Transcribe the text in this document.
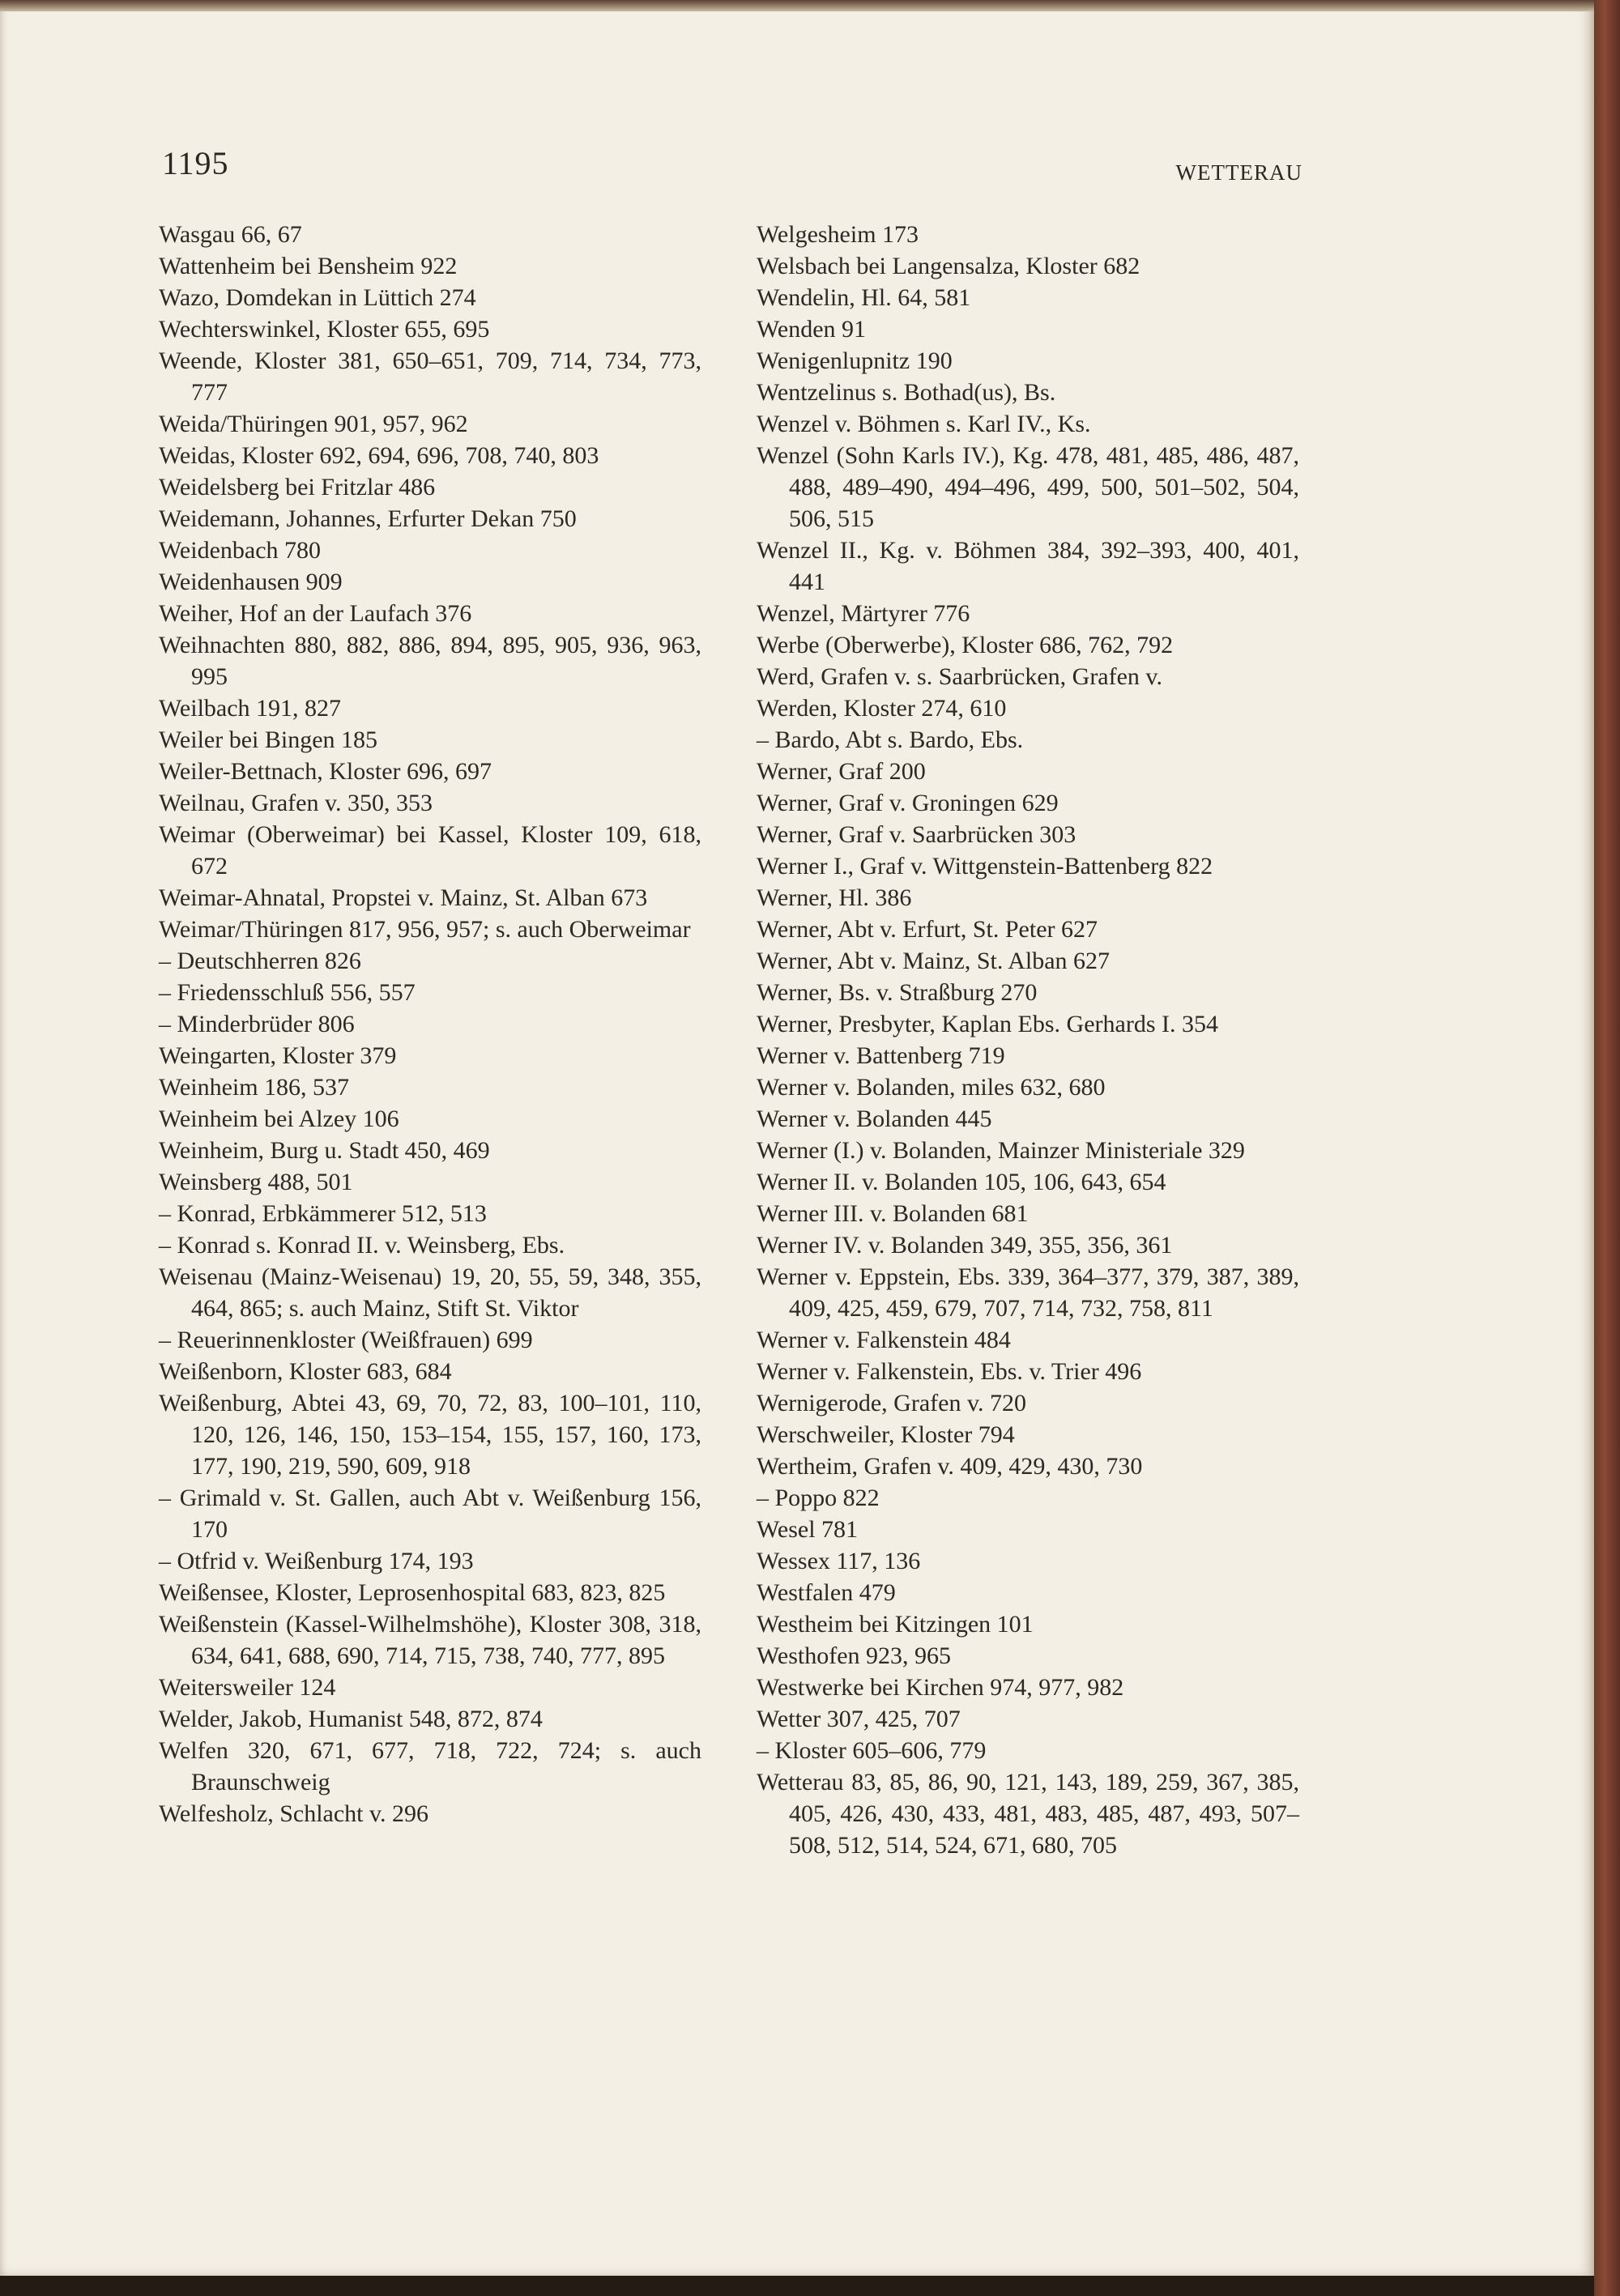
1195	WETTERAU
Wasgau 66, 67
Wattenheim bei Bensheim 922
Wazo, Domdekan in Lüttich 274
Wechterswinkel, Kloster 655, 695
Weende, Kloster 381, 650–651, 709, 714, 734, 773, 777
Weida/Thüringen 901, 957, 962
Weidas, Kloster 692, 694, 696, 708, 740, 803
Weidelsberg bei Fritzlar 486
Weidemann, Johannes, Erfurter Dekan 750
Weidenbach 780
Weidenhausen 909
Weiher, Hof an der Laufach 376
Weihnachten 880, 882, 886, 894, 895, 905, 936, 963, 995
Weilbach 191, 827
Weiler bei Bingen 185
Weiler-Bettnach, Kloster 696, 697
Weilnau, Grafen v. 350, 353
Weimar (Oberweimar) bei Kassel, Kloster 109, 618, 672
Weimar-Ahnatal, Propstei v. Mainz, St. Alban 673
Weimar/Thüringen 817, 956, 957; s. auch Oberweimar
– Deutschherren 826
– Friedensschluß 556, 557
– Minderbrüder 806
Weingarten, Kloster 379
Weinheim 186, 537
Weinheim bei Alzey 106
Weinheim, Burg u. Stadt 450, 469
Weinsberg 488, 501
– Konrad, Erbkämmerer 512, 513
– Konrad s. Konrad II. v. Weinsberg, Ebs.
Weisenau (Mainz-Weisenau) 19, 20, 55, 59, 348, 355, 464, 865; s. auch Mainz, Stift St. Viktor
– Reuerinnenkloster (Weißfrauen) 699
Weißenborn, Kloster 683, 684
Weißenburg, Abtei 43, 69, 70, 72, 83, 100–101, 110, 120, 126, 146, 150, 153–154, 155, 157, 160, 173, 177, 190, 219, 590, 609, 918
– Grimald v. St. Gallen, auch Abt v. Weißenburg 156, 170
– Otfrid v. Weißenburg 174, 193
Weißensee, Kloster, Leprosenhospital 683, 823, 825
Weißenstein (Kassel-Wilhelmshöhe), Kloster 308, 318, 634, 641, 688, 690, 714, 715, 738, 740, 777, 895
Weitersweiler 124
Welder, Jakob, Humanist 548, 872, 874
Welfen 320, 671, 677, 718, 722, 724; s. auch Braunschweig
Welfesholz, Schlacht v. 296
Welgesheim 173
Welsbach bei Langensalza, Kloster 682
Wendelin, Hl. 64, 581
Wenden 91
Wenigenlupnitz 190
Wentzelinus s. Bothad(us), Bs.
Wenzel v. Böhmen s. Karl IV., Ks.
Wenzel (Sohn Karls IV.), Kg. 478, 481, 485, 486, 487, 488, 489–490, 494–496, 499, 500, 501–502, 504, 506, 515
Wenzel II., Kg. v. Böhmen 384, 392–393, 400, 401, 441
Wenzel, Märtyrer 776
Werbe (Oberwerbe), Kloster 686, 762, 792
Werd, Grafen v. s. Saarbrücken, Grafen v.
Werden, Kloster 274, 610
– Bardo, Abt s. Bardo, Ebs.
Werner, Graf 200
Werner, Graf v. Groningen 629
Werner, Graf v. Saarbrücken 303
Werner I., Graf v. Wittgenstein-Battenberg 822
Werner, Hl. 386
Werner, Abt v. Erfurt, St. Peter 627
Werner, Abt v. Mainz, St. Alban 627
Werner, Bs. v. Straßburg 270
Werner, Presbyter, Kaplan Ebs. Gerhards I. 354
Werner v. Battenberg 719
Werner v. Bolanden, miles 632, 680
Werner v. Bolanden 445
Werner (I.) v. Bolanden, Mainzer Ministeriale 329
Werner II. v. Bolanden 105, 106, 643, 654
Werner III. v. Bolanden 681
Werner IV. v. Bolanden 349, 355, 356, 361
Werner v. Eppstein, Ebs. 339, 364–377, 379, 387, 389, 409, 425, 459, 679, 707, 714, 732, 758, 811
Werner v. Falkenstein 484
Werner v. Falkenstein, Ebs. v. Trier 496
Wernigerode, Grafen v. 720
Werschweiler, Kloster 794
Wertheim, Grafen v. 409, 429, 430, 730
– Poppo 822
Wesel 781
Wessex 117, 136
Westfalen 479
Westheim bei Kitzingen 101
Westhofen 923, 965
Westwerke bei Kirchen 974, 977, 982
Wetter 307, 425, 707
– Kloster 605–606, 779
Wetterau 83, 85, 86, 90, 121, 143, 189, 259, 367, 385, 405, 426, 430, 433, 481, 483, 485, 487, 493, 507–508, 512, 514, 524, 671, 680, 705
